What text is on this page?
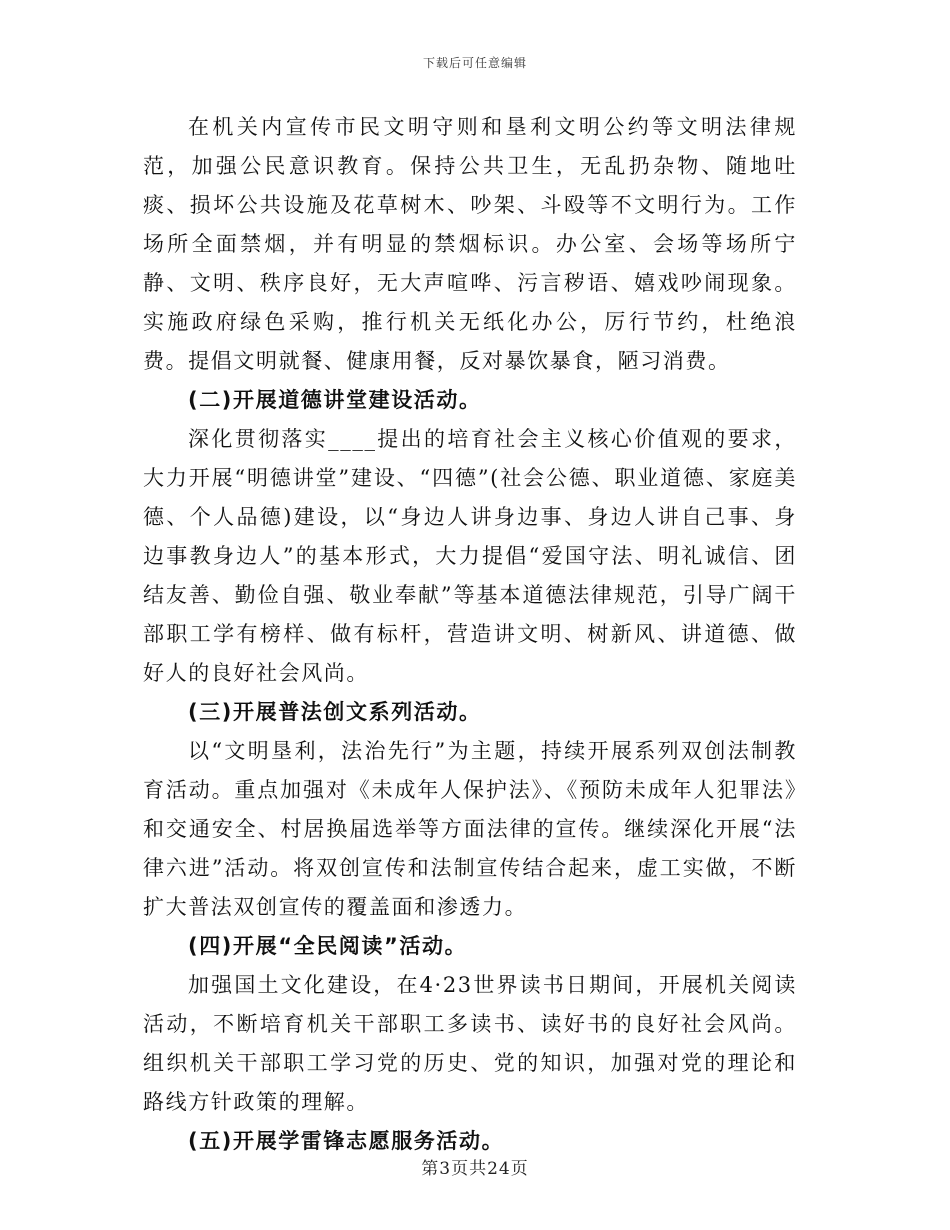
下载后可任意编辑

在机关内宣传市民文明守则和垦利文明公约等文明法律规范，加强公民意识教育。保持公共卫生，无乱扔杂物、随地吐痰、损坏公共设施及花草树木、吵架、斗殴等不文明行为。工作场所全面禁烟，并有明显的禁烟标识。办公室、会场等场所宁静、文明、秩序良好，无大声喧哗、污言秽语、嬉戏吵闹现象。实施政府绿色采购，推行机关无纸化办公，厉行节约，杜绝浪费。提倡文明就餐、健康用餐，反对暴饮暴食，陋习消费。

(二)开展道德讲堂建设活动。

深化贯彻落实____提出的培育社会主义核心价值观的要求，大力开展“明德讲堂”建设、“四德”(社会公德、职业道德、家庭美德、个人品德)建设，以“身边人讲身边事、身边人讲自己事、身边事教身边人”的基本形式，大力提倡“爱国守法、明礼诚信、团结友善、勤俭自强、敬业奉献”等基本道德法律规范，引导广阔干部职工学有榜样、做有标杆，营造讲文明、树新风、讲道德、做好人的良好社会风尚。

(三)开展普法创文系列活动。

以“文明垦利，法治先行”为主题，持续开展系列双创法制教育活动。重点加强对《未成年人保护法》、《预防未成年人犯罪法》和交通安全、村居换届选举等方面法律的宣传。继续深化开展“法律六进”活动。将双创宣传和法制宣传结合起来，虚工实做，不断扩大普法双创宣传的覆盖面和渗透力。

(四)开展“全民阅读”活动。

加强国土文化建设，在4·23世界读书日期间，开展机关阅读活动，不断培育机关干部职工多读书、读好书的良好社会风尚。组织机关干部职工学习党的历史、党的知识，加强对党的理论和路线方针政策的理解。

(五)开展学雷锋志愿服务活动。

第3页共24页
